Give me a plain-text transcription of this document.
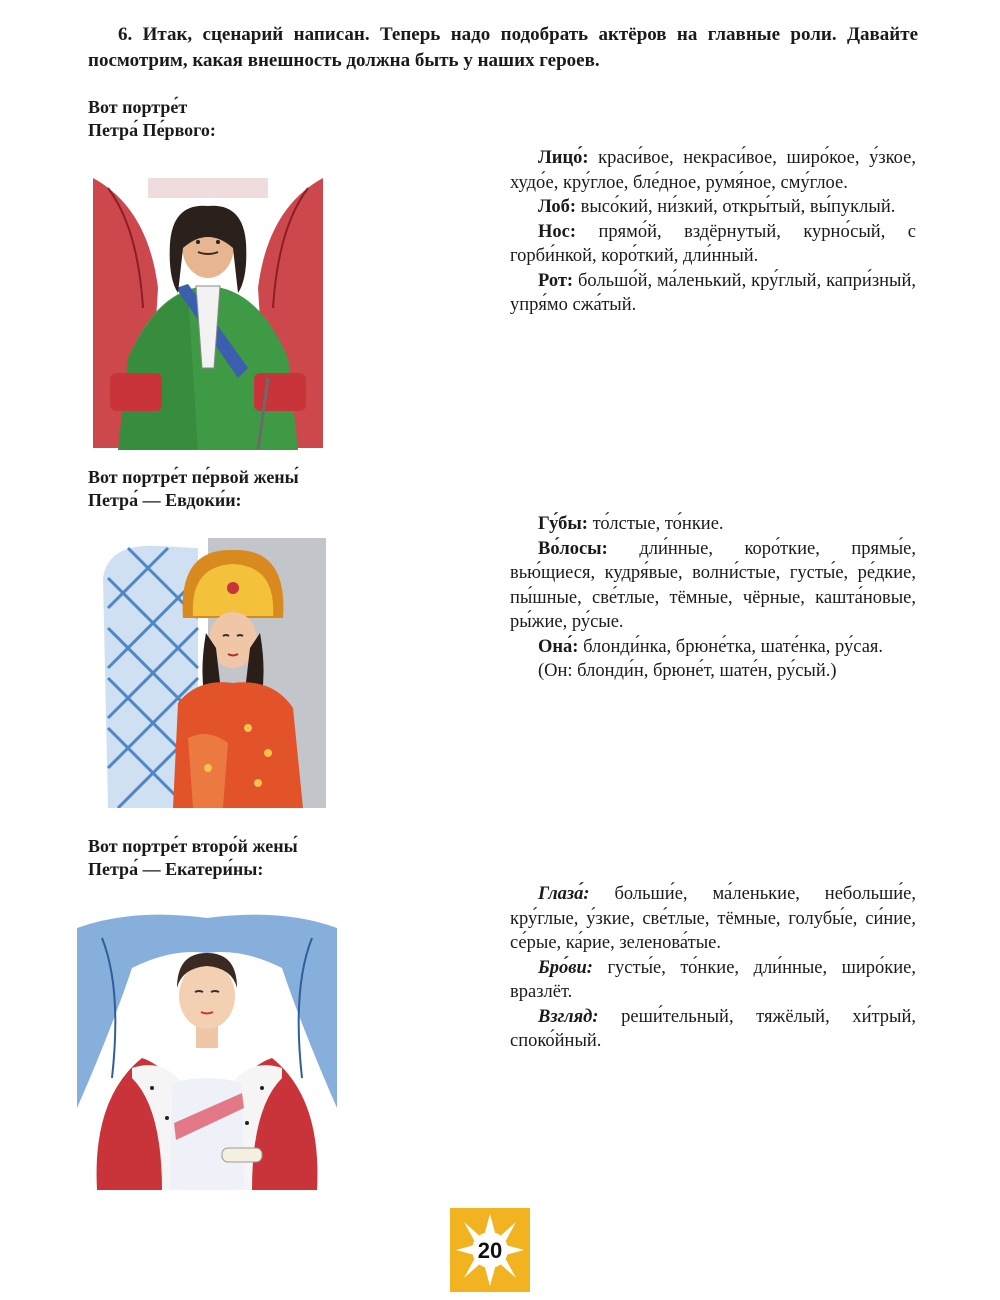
6. Итак, сценарий написан. Теперь надо подобрать актёров на главные роли. Давайте посмотрим, какая внешность должна быть у наших героев.
Вот портре́т
Петра́ Пе́рвого:

Лицо́: краси́вое, некраси́вое, широ́кое, у́зкое, худо́е, кру́глое, бле́дное, румя́ное, сму́глое.

Лоб: высо́кий, ни́зкий, откры́тый, вы́пуклый.

Нос: прямо́й, вздёрнутый, курно́сый, с горби́нкой, коро́ткий, дли́нный.

Рот: большо́й, ма́ленький, кру́глый, капри́зный, упря́мо сжа́тый.

Вот портре́т пе́рвой жены́
Петра́ — Евдоки́и:

Гу́бы: то́лстые, то́нкие.

Во́лосы: дли́нные, коро́ткие, прямы́е, вью́щиеся, кудря́вые, волни́стые, густы́е, ре́дкие, пы́шные, све́тлые, тёмные, чёрные, кашта́новые, ры́жие, ру́сые.

Она́: блонди́нка, брюне́тка, шате́нка, ру́сая.

(Он: блонди́н, брюне́т, шате́н, ру́сый.)

Вот портре́т второ́й жены́
Петра́ — Екатери́ны:

Глаза́: больши́е, ма́ленькие, небольши́е, кру́глые, у́зкие, све́тлые, тёмные, голубы́е, си́ние, се́рые, ка́рие, зеленова́тые.

Бро́ви: густы́е, то́нкие, дли́нные, широ́кие, вразлёт.

Взгляд: реши́тельный, тяжёлый, хи́трый, споко́йный.

20
